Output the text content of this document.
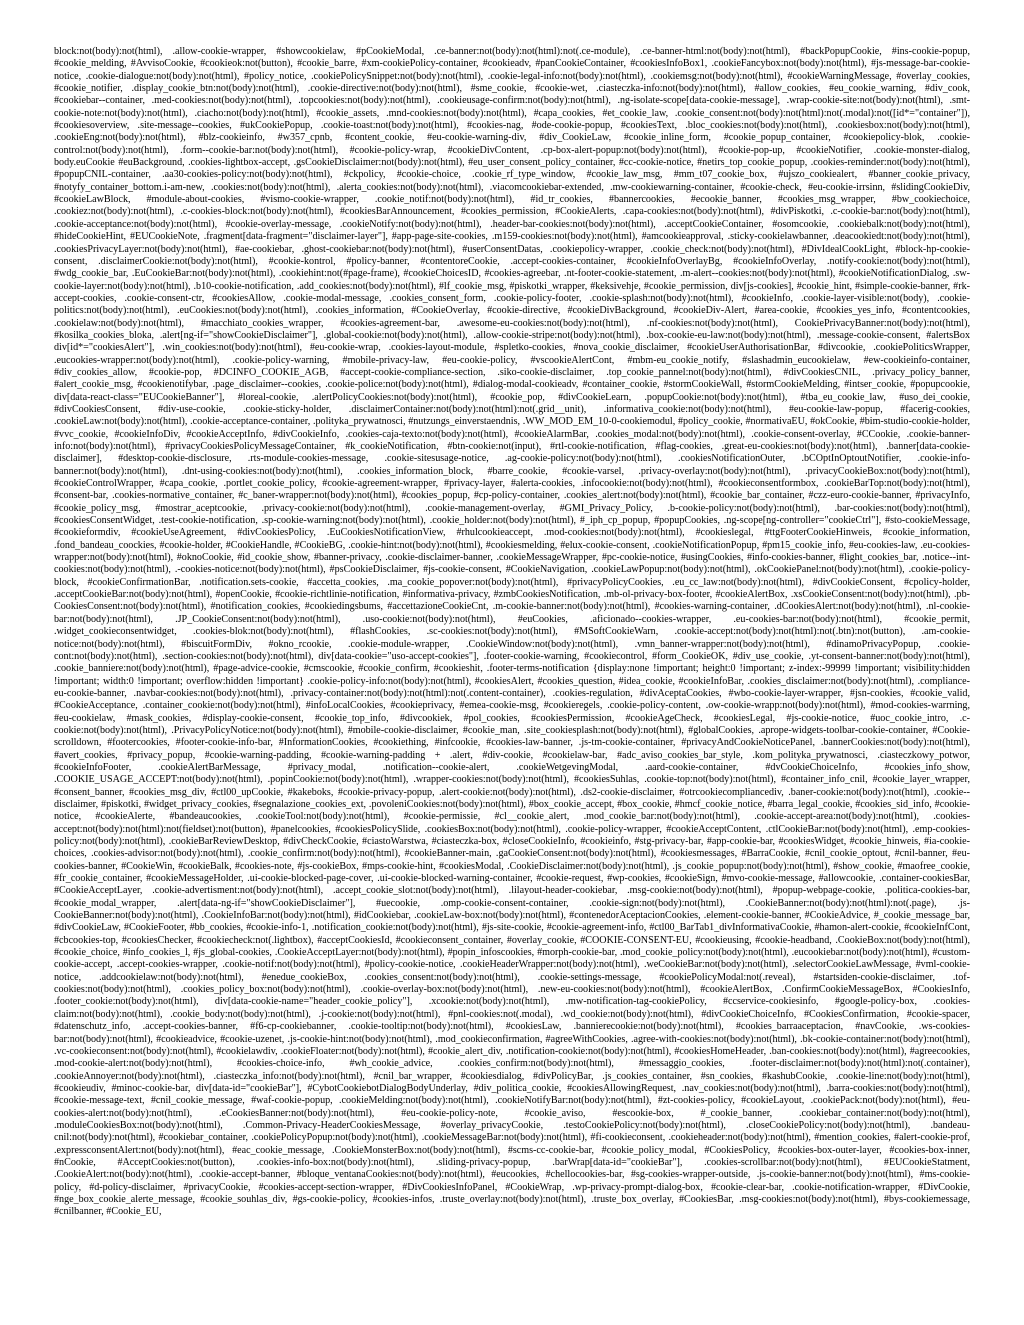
block:not(body):not(html), .allow-cookie-wrapper, #showcookielaw, #pCookieModal, .ce-banner:not(body):not(html):not(.ce-module), .ce-banner-html:not(body):not(html), #backPopupCookie, #ins-cookie-popup, #cookie_melding, #AvvisoCookie, #cookieok:not(button), #cookie_barre, #xm-cookiePolicy-container, #cookieadv, #panCookieContainer, #cookiesInfoBox1, .cookieFancybox:not(body):not(html), #js-message-bar-cookie-notice, .cookie-dialogue:not(body):not(html), #policy_notice, .cookiePolicySnippet:not(body):not(html), .cookie-legal-info:not(body):not(html), .cookiemsg:not(body):not(html), #cookieWarningMessage, #overlay_cookies, #cookie_notifier, .display_cookie_btn:not(body):not(html), .cookie-directive:not(body):not(html), #sme_cookie, #cookie-wet, .ciasteczka-info:not(body):not(html), #allow_cookies, #eu_cookie_warning, #div_cook, #cookiebar--container, .med-cookies:not(body):not(html), .topcookies:not(body):not(html), .cookieusage-confirm:not(body):not(html), .ng-isolate-scope[data-cookie-message], .wrap-cookie-site:not(body):not(html), .smt-cookie-note:not(body):not(html), .ciacho:not(body):not(html), #cookie_assets, .mnd-cookies:not(body):not(html), #capa_cookies, #et_cookie_law, .cookie_consent:not(body):not(html):not(.modal):not([id*="container"]), #cookiesoverview, .site-message--cookies, #ukCookiePopup, .cookie-toast:not(body):not(html), #cookies-nag, #ode-cookie-popup, #cookiesText, .bloc_cookies:not(body):not(html), .cookiesbox:not(body):not(html), .cookieEng:not(body):not(html), #blz-cookieinfo, #w357_cpnb, #content_cookie, #eu-cookie-warning-div, #div_CookieLaw, #cookie_inline_form, #cookie_popup_container, #cookiepolicy-blok, .cookie-control:not(body):not(html), .form--cookie-bar:not(body):not(html), #cookie-policy-wrap, #cookieDivContent, .cp-box-alert-popup:not(body):not(html), #cookie-pop-up, #cookieNotifier, .cookie-monster-dialog, body.euCookie #euBackground, .cookies-lightbox-accept, .gsCookieDisclaimer:not(body):not(html), #eu_user_consent_policy_container, #cc-cookie-notice, #netirs_top_cookie_popup, .cookies-reminder:not(body):not(html), #popupCNIL-container, .aa30-cookies-policy:not(body):not(html), #ckpolicy, #cookie-choice, .cookie_rf_type_window, #cookie_law_msg, #mm_t07_cookie_box, #ujszo_cookiealert, #banner_cookie_privacy, #notyfy_container_bottom.i-am-new, .cookies:not(body):not(html), .alerta_cookies:not(body):not(html), .viacomcookiebar-extended, .mw-cookiewarning-container, #cookie-check, #eu-cookie-irrsinn, #slidingCookieDiv, #cookieLawBlock, #module-about-cookies, #vismo-cookie-wrapper, .cookie_notif:not(body):not(html), #id_tr_cookies, #bannercookies, #ecookie_banner, #cookies_msg_wrapper, #bw_cookiechoice, .cookiez:not(body):not(html), .c-cookies-block:not(body):not(html), #cookiesBarAnnouncement, #cookies_permission, #CookieAlerts, .capa-cookies:not(body):not(html), #divPiskotki, .c-cookie-bar:not(body):not(html), .cookie-acceptance:not(body):not(html), #cookie-overlay-message, .cookieNotify:not(body):not(html), .header-bar-cookies:not(body):not(html), .acceptCookieContainer, #osomcookie, .cookiebalk:not(body):not(html), #hideCookieHint, #EUCookieNote, .fragment[data-fragment="disclaimer-layer"], #app-page-site-cookies, .m159-cookies:not(body):not(html), #amcookieapproval, .sticky-cookielawbanner, .deacookiedt:not(body):not(html), .cookiesPrivacyLayer:not(body):not(html), #ae-cookiebar, .ghost-cookiebar:not(body):not(html), #userConsentDatas, .cookiepolicy-wrapper, .cookie_check:not(body):not(html), #DivIdealCookLight, #block-hp-cookie-consent, .disclaimerCookie:not(body):not(html), #cookie-kontrol, #policy-banner, #contentoreCookie, .accept-cookies-container, #cookieInfoOverlayBg, #cookieInfoOverlay, .notify-cookie:not(body):not(html), #wdg_cookie_bar, .EuCookieBar:not(body):not(html), .cookiehint:not(#page-frame), #cookieChoicesID, #cookies-agreebar, .nt-footer-cookie-statement, .m-alert--cookies:not(body):not(html), #cookieNotificationDialog, .sw-cookie-layer:not(body):not(html), .b10-cookie-notification, .add_cookies:not(body):not(html), #lf_cookie_msg, #piskotki_wrapper, #keksivehje, #cookie_permission, div[js-cookies], #cookie_hint, #simple-cookie-banner, #rk-accept-cookies, .cookie-consent-ctr, #cookiesAllow, .cookie-modal-message, .cookies_consent_form, .cookie-policy-footer, .cookie-splash:not(body):not(html), #cookieInfo, .cookie-layer-visible:not(body), .cookie-politics:not(body):not(html), .euCookies:not(body):not(html), .cookies_information, #CookieOverlay, #cookie-directive, #cookieDivBackground, #cookieDiv-Alert, #area-cookie, #cookies_yes_info, #contentcookies, .cookielaw:not(body):not(html), #macchiato_cookies_wrapper, #cookies-agreement-bar, .awesome-eu-cookies:not(body):not(html), .nf-cookies:not(body):not(html), CookiePrivacyBanner:not(body):not(html), #kosilka_cookies_bloka, .alert[ng-if="showCookieDisclaimer"], .global-cookie:not(body):not(html), .allow-cookie-stripe:not(body):not(html), .box-cookie-eu-law:not(body):not(html), .message-cookie-consent, #alertsBox div[id*="cookiesAlert"], .win_cookies:not(body):not(html), #eu-cookie-wrap, .cookies-layout-module, #spletko-cookies, #nova_cookie_disclaimer, #cookieUserAuthorisationBar, #divcookie, .cookiePoliticsWrapper, .eucookies-wrapper:not(body):not(html), .cookie-policy-warning, #mobile-privacy-law, #eu-cookie-policy, #vscookieAlertCont, #mbm-eu_cookie_notify, #slashadmin_eucookielaw, #ew-cookieinfo-container, #div_cookies_allow, #cookie-pop, #DCINFO_COOKIE_AGB, #accept-cookie-compliance-section, .siko-cookie-disclaimer, .top_cookie_pannel:not(body):not(html), #divCookiesCNIL, .privacy_policy_banner, #alert_cookie_msg, #cookienotifybar, .page_disclaimer--cookies, .cookie-police:not(body):not(html), #dialog-modal-cookieadv, #container_cookie, #stormCookieWall, #stormCookieMelding, #intser_cookie, #popupcookie, div[data-react-class="EUCookieBanner"], #loreal-cookie, .alertPolicyCookies:not(body):not(html), #cookie_pop, #divCookieLearn, .popupCookie:not(body):not(html), #tba_eu_cookie_law, #uso_dei_cookie, #divCookiesConsent, #div-use-cookie, .cookie-sticky-holder, .disclaimerContainer:not(body):not(html):not(.grid__unit), .informativa_cookie:not(body):not(html), #eu-cookie-law-popup, #facerig-cookies, .cookieLaw:not(body):not(html), .cookie-acceptance-container, .polityka_prywatnosci, #nutzungs_einverstaendnis, .WW_MOD_EM_10-0-cookiemodul, #policy_cookie, #normativaEU, #okCookie, #bim-studio-cookie-holder, #vvc_cookie, #cookieInfoDiv, #cookieAcceptInfo, #divCookieInfo, .cookies-caja-texto:not(body):not(html), #cookieAlarmBar, .cookies_modal:not(body):not(html), .cookie-consent-overlay, #CCookie, .cookie-banner-info:not(body):not(html), #privacyCookiesPolicyMessageContainer, #k_cookieNotification, #btn-cookie:not(input), #rtl-cookie-notification, #flag-cookies, .great-eu-cookies:not(body):not(html), .banner[data-cookie-disclaimer], #desktop-cookie-disclosure, .rts-module-cookies-message, .cookie-sitesusage-notice, .ag-cookie-policy:not(body):not(html), .cookiesNotificationOuter, .bCOptInOptoutNotifier, .cookie-info-banner:not(body):not(html), .dnt-using-cookies:not(body):not(html), .cookies_information_block, #barre_cookie, #cookie-varsel, .privacy-overlay:not(body):not(html), .privacyCookieBox:not(body):not(html), #cookieControlWrapper, #capa_cookie, .portlet_cookie_policy, #cookie-agreement-wrapper, #privacy-layer, #alerta-cookies, .infocookie:not(body):not(html), #cookieconsentformbox, .cookieBarTop:not(body):not(html), #consent-bar, .cookies-normative_container, #c_baner-wrapper:not(body):not(html), #cookies_popup, #cp-policy-container, .cookies_alert:not(body):not(html), #cookie_bar_container, #czz-euro-cookie-banner, #privacyInfo, #cookie_policy_msg, #mostrar_aceptcookie, .privacy-cookie:not(body):not(html), .cookie-management-overlay, #GMI_Privacy_Policy, .b-cookie-policy:not(body):not(html), .bar-cookies:not(body):not(html), #cookiesConsentWidget, .test-cookie-notification, .sp-cookie-warning:not(body):not(html), .cookie_holder:not(body):not(html), #_iph_cp_popup, #popupCookies, .ng-scope[ng-controller="cookieCtrl"], #sto-cookieMessage, #cookieformdiv, #cookieUseAgreement, #divCookiesPolicy, .EuCookiesNotificationView, #rhulcookieaccept, .mod-cookies:not(body):not(html), #cookieslegal, #ttgFooterCookieHinweis, #cookie_information, .fond_bandeau_coockies, #cookie-holder, #CookieHandle, #CookieBG, .cookie-hint:not(body):not(html), #cookiesmelding, #elux-cookie-consent, .cookieNotificationPopup, #pm15_cookie_info, #eu-cookies-law, .eu-cookies-wrapper:not(body):not(html), #oknoCookie, #id_cookie_show, #banner-privacy, .cookie-disclaimer-banner, .cookieMessageWrapper, #pc-cookie-notice, #usingCookies, #info-cookies-banner, #light_cookies_bar, .notice--int-cookies:not(body):not(html), .-cookies-notice:not(body):not(html), #psCookieDisclaimer, #js-cookie-consent, #CookieNavigation, .cookieLawPopup:not(body):not(html), .okCookiePanel:not(body):not(html), .cookie-policy-block, #cookieConfirmationBar, .notification.sets-cookie, #accetta_cookies, .ma_cookie_popover:not(body):not(html), #privacyPolicyCookies, .eu_cc_law:not(body):not(html), #divCookieConsent, #cpolicy-holder, .acceptCookieBar:not(body):not(html), #openCookie, #cookie-richtlinie-notification, #informativa-privacy, #zmbCookiesNotification, .mb-ol-privacy-box-footer, #cookieAlertBox, .xsCookieConsent:not(body):not(html), .pb-CookiesConsent:not(body):not(html), #notification_cookies, #cookiedingsbums, #accettazioneCookieCnt, .m-cookie-banner:not(body):not(html), #cookies-warning-container, .dCookiesAlert:not(body):not(html), .nl-cookie-bar:not(body):not(html), .JP_CookieConsent:not(body):not(html), .uso-cookie:not(body):not(html), #euCookies, .aficionado--cookies-wrapper, .eu-cookies-bar:not(body):not(html), #cookie_permit, .widget_cookieconsentwidget, .cookies-blok:not(body):not(html), #flashCookies, .sc-cookies:not(body):not(html), #MSoftCookieWarn, .cookie-accept:not(body):not(html):not(.btn):not(button), .am-cookie-notice:not(body):not(html), #biscuitFormDiv, #okno_rcookie, .cookie-module-wrapper, .CookieWindow:not(body):not(html), .vmn_banner-wrapper:not(body):not(html), #dinamoPrivacyPopup, .cookie-cont:not(body):not(html), .section-cookies:not(body):not(html), div[data-cookie="uso-accept-cookies"], .footer-cookie-warning, #cookiecontrol, #form_CookieOK, #div_use_cookie, .yt-consent-banner:not(body):not(html), .cookie_banniere:not(body):not(html), #page-advice-cookie, #cmscookie, #cookie_confirm, #cookieshit, .footer-terms-notification {display:none !important; height:0 !important; z-index:-99999 !important; visibility:hidden !important; width:0 !important; overflow:hidden !important} .cookie-policy-info:not(body):not(html), #cookiesAlert, #cookies_question, #idea_cookie, #cookieInfoBar, .cookies_disclaimer:not(body):not(html), .compliance-eu-cookie-banner, .navbar-cookies:not(body):not(html), .privacy-container:not(body):not(html):not(.content-container), .cookies-regulation, #divAceptaCookies, #wbo-cookie-layer-wrapper, #jsn-cookies, #cookie_valid, #CookieAcceptance, .container_cookie:not(body):not(html), #infoLocalCookies, #cookieprivacy, #emea-cookie-msg, #cookieregels, .cookie-policy-content, .ow-cookie-wrapp:not(body):not(html), #mod-cookies-warrning, #eu-cookielaw, #mask_cookies, #display-cookie-consent, #cookie_top_info, #divcookiek, #pol_cookies, #cookiesPermission, #cookieAgeCheck, #cookiesLegal, #js-cookie-notice, #uoc_cookie_intro, .c-cookie:not(body):not(html), .PrivacyPolicyNotice:not(body):not(html), #mobile-cookie-disclaimer, #cookie_man, .site_cookiesplash:not(body):not(html), #globalCookies, .aprope-widgets-toolbar-cookie-container, #Cookie-scrolldown, #footercookies, #footer-cookie-info-bar, #InformationCookies, #cookiething, #infcookie, #cookies-law-banner, .js-tm-cookie-container, #privacyAndCookieNoticePanel, .bannerCookies:not(body):not(html), #avert_cookies, #privacy_popup, #cookie-warning-padding, #cookie-warning-padding + .alert, #div-cookie, #cookielaw-bar, #adc_aviso_cookies_bar_style, .kom_polityka_prywatnosci, .ciasteczkowy_potwor, #cookieInfoFooter, .cookieAlertBarMessage, #privacy_modal, .notification--cookie-alert, .cookieWetgevingModal, .aard-cookie-container, #dvCookieChoiceInfo, #cookies_info_show, .COOKIE_USAGE_ACCEPT:not(body):not(html), .popinCookie:not(body):not(html), .wrapper-cookies:not(body):not(html), #cookiesSuhlas, .cookie-top:not(body):not(html), #container_info_cnil, #cookie_layer_wrapper, #consent_banner, #cookies_msg_div, #ctl00_upCookie, #kakeboks, #cookie-privacy-popup, .alert-cookie:not(body):not(html), .ds2-cookie-disclaimer, #otrcookiecompliancediv, .baner-cookie:not(body):not(html), .cookie--disclaimer, #piskotki, #widget_privacy_cookies, #segnalazione_cookies_ext, .povoleniCookies:not(body):not(html), #box_cookie_accept, #box_cookie, #hmcf_cookie_notice, #barra_legal_cookie, #cookies_sid_info, #cookie-notice, #cookieAlerte, #bandeaucookies, .cookieTool:not(body):not(html), #cookie-permissie, #cl__cookie_alert, .mod_cookie_bar:not(body):not(html), .cookie-accept-area:not(body):not(html), .cookies-accept:not(body):not(html):not(fieldset):not(button), #panelcookies, #cookiesPolicySlide, .cookiesBox:not(body):not(html), .cookie-policy-wrapper, #cookieAcceptContent, .ctlCookieBar:not(body):not(html), .emp-cookies-policy:not(body):not(html), .cookieBarReviewDesktop, #divCheckCookie, #ciastoWarstwa, #ciasteczka-box, #closeCookieInfo, #cookieinfo, #stg-privacy-bar, #app-cookie-bar, #cookiesWidget, #cookie_hinweis, #ia-cookie-choices, .cookies-advisor:not(body):not(html), .cookie_confirm:not(body):not(html), #cookieBanner-main, .gaCookieConsent:not(body):not(html), #cookiesmessages, #BarraCookie, #cnil_cookie_optout, #cnil-banner, #eu-cookies-banner, #CookieWin, #cookieBalk, #cookies-note, #js-cookieBox, #mps-cookie-hint, #cookiesModal, .CookieDisclaimer:not(body):not(html), .js_cookie_popup:not(body):not(html), #show_cookie, #maofree_cookie, #fr_cookie_container, #cookieMessageHolder, .ui-cookie-blocked-page-cover, .ui-cookie-blocked-warning-container, #cookie-request, #wp-cookies, #cookieSign, #mvo-cookie-message, #allowcookie, .container-cookiesBar, #CookieAcceptLayer, .cookie-advertisment:not(body):not(html), .accept_cookie_slot:not(body):not(html), .lilayout-header-cookiebar, .msg-cookie:not(body):not(html), #popup-webpage-cookie, .politica-cookies-bar, #cookie_modal_wrapper, .alert[data-ng-if="showCookieDisclaimer"], #uecookie, .omp-cookie-consent-container, .cookie-sign:not(body):not(html), .CookieBanner:not(body):not(html):not(.page), .js-CookieBanner:not(body):not(html), .CookieInfoBar:not(body):not(html), #idCookiebar, .cookieLaw-box:not(body):not(html), #contenedorAceptacionCookies, .element-cookie-banner, #CookieAdvice, #_cookie_message_bar, #divCookieLaw, #CookieFooter, #bb_cookies, #cookie-info-1, .notification_cookie:not(body):not(html), #js-site-cookie, #cookie-agreement-info, #ctl00_BarTab1_divInformativaCookie, #hamon-alert-cookie, #cookieInfCont, #cbcookies-top, #cookiesChecker, #cookiecheck:not(.lightbox), #acceptCookiesId, #cookieconsent_container, #overlay_cookie, #COOKIE-CONSENT-EU, #cookieusing, #cookie-headband, .CookieBox:not(body):not(html), #cookie_choice, #info_cookies_l, #js_global-cookies, .CookieAcceptLayer:not(body):not(html), #popin_infoscookies, #morph-cookie-bar, .mod_cookie_policy:not(body):not(html), .eucookiebar:not(body):not(html), #custom-cookie-accept, .accept-cookies-wrapper, .cookie-notif:not(body):not(html), #policy-cookie-notice, .cookieHeaderWrapper:not(body):not(html), .weCookieBar:not(body):not(html), .selectorCookieLawMessage, #vml-cookie-notice, .addcookielaw:not(body):not(html), #enedue_cookieBox, .cookies_consent:not(body):not(html), .cookie-settings-message, #cookiePolicyModal:not(.reveal), #startsiden-cookie-disclaimer, .tof-cookies:not(body):not(html), .cookies_policy_box:not(body):not(html), .cookie-overlay-box:not(body):not(html), .new-eu-cookies:not(body):not(html), #cookieAlertBox, .ConfirmCookieMessageBox, #CookiesInfo, .footer_cookie:not(body):not(html), div[data-cookie-name="header_cookie_policy"], .xcookie:not(body):not(html), .mw-notification-tag-cookiePolicy, #ccservice-cookiesinfo, #google-policy-box, .cookies-claim:not(body):not(html), .cookie_body:not(body):not(html), .j-cookie:not(body):not(html), #pnl-cookies:not(.modal), .wd_cookie:not(body):not(html), #divCookieChoiceInfo, #CookiesConfirmation, #cookie-spacer, #datenschutz_info, .accept-cookies-banner, #f6-cp-cookiebanner, .cookie-tooltip:not(body):not(html), #cookiesLaw, .bannierecookie:not(body):not(html), #cookies_barraaceptacion, #navCookie, .ws-cookies-bar:not(body):not(html), #cookieadvice, #cookie-uzenet, .js-cookie-hint:not(body):not(html), .mod_cookieconfirmation, #agreeWithCookies, .agree-with-cookies:not(body):not(html), .bk-cookie-container:not(body):not(html), .vc-cookieconsent:not(body):not(html), #cookielawdiv, .cookieFloater:not(body):not(html), #cookie_alert_div, .notification-cookie:not(body):not(html), #cookiesHomeHeader, .ban-cookies:not(body):not(html), #agreecookies, .mod-cookie-alert:not(body):not(html), #cookies-choice-info, #wh_cookie_advice, .cookies_confirm:not(body):not(html), #messaggio_cookies, .footer-disclaimer:not(body):not(html):not(.container), .cookieAnnoyer:not(body):not(html), .ciasteczka_info:not(body):not(html), #cnil_bar_wrapper, #cookiesdialog, #divPolicyBar, .js_cookies_container, #sn_cookies, #kashubCookie, .cookie-line:not(body):not(html), #cookieudiv, #minoc-cookie-bar, div[data-id="cookieBar"], #CybotCookiebotDialogBodyUnderlay, #div_politica_cookie, #cookiesAllowingRequest, .nav_cookies:not(body):not(html), .barra-cookies:not(body):not(html), #cookie-message-text, #cnil_cookie_message, #waf-cookie-popup, .cookieMelding:not(body):not(html), .cookieNotifyBar:not(body):not(html), #zt-cookies-policy, #cookieLayout, .cookiePack:not(body):not(html), #eu-cookies-alert:not(body):not(html), .eCookiesBanner:not(body):not(html), #eu-cookie-policy-note, #cookie_aviso, #escookie-box, #_cookie_banner, .cookiebar_container:not(body):not(html), .moduleCookiesBox:not(body):not(html), .Common-Privacy-HeaderCookiesMessage, #overlay_privacyCookie, .testoCookiePolicy:not(body):not(html), .closeCookiePolicy:not(body):not(html), .bandeau-cnil:not(body):not(html), #cookiebar_container, .cookiePolicyPopup:not(body):not(html), .cookieMessageBar:not(body):not(html), #fi-cookieconsent, .cookieheader:not(body):not(html), #mention_cookies, #alert-cookie-prof, .expressconsentAlert:not(body):not(html), #eac_cookie_message, .CookieMonsterBox:not(body):not(html), #scms-cc-cookie-bar, #cookie_policy_modal, #CookiesPolicy, #cookies-box-outer-layer, #cookies-box-inner, #nCookie, #AcceptCookies:not(button), .cookies-info-box:not(body):not(html), .sliding-privacy-popup, .barWrap[data-id="cookieBar"], .cookies-scrollbar:not(body):not(html), #EUCookieStatment, .CookieAlert:not(body):not(html), .cookie-accept-banner, #bloque_ventanaCookies:not(body):not(html), #eucookies, #chellocookies-bar, #sg-cookies-wrapper-outside, .js-cookie-banner:not(body):not(html), #ms-cookie-policy, #d-policy-disclaimer, #privacyCookie, #cookies-accept-section-wrapper, #DivCookiesInfoPanel, #CookieWrap, .wp-privacy-prompt-dialog-box, #cookie-clear-bar, .cookie-notification-wrapper, #DivCookie, #nge_box_cookie_alerte_message, #cookie_souhlas_div, #gs-cookie-policy, #cookies-infos, .truste_overlay:not(body):not(html), .truste_box_overlay, #CookiesBar, .msg-cookies:not(body):not(html), #bys-cookiemessage, #cnilbanner, #Cookie_EU,
